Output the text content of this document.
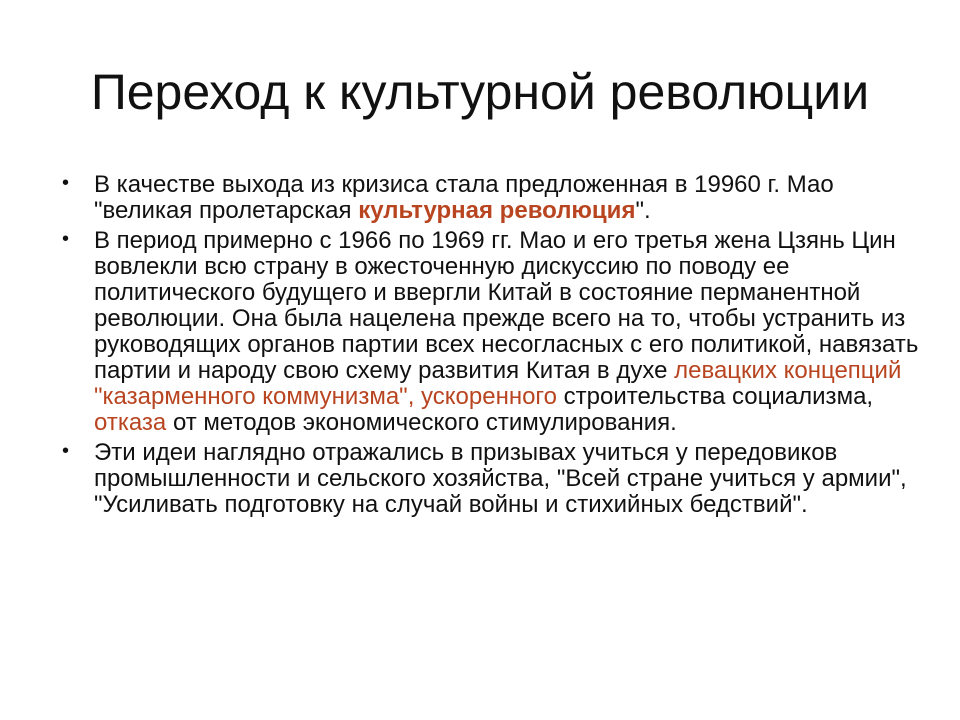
Переход к культурной революции
• В качестве выхода из кризиса стала предложенная в 19960 г. Мао "великая пролетарская культурная революция".
• В период примерно с 1966 по 1969 гг. Мао и его третья жена Цзянь Цин вовлекли всю страну в ожесточенную дискуссию по поводу ее политического будущего и ввергли Китай в состояние перманентной революции. Она была нацелена прежде всего на то, чтобы устранить из руководящих органов партии всех несогласных с его политикой, навязать партии и народу свою схему развития Китая в духе левацких концепций "казарменного коммунизма", ускоренного строительства социализма, отказа от методов экономического стимулирования.
• Эти идеи наглядно отражались в призывах учиться у передовиков промышленности и сельского хозяйства, "Всей стране учиться у армии", "Усиливать подготовку на случай войны и стихийных бедствий".
